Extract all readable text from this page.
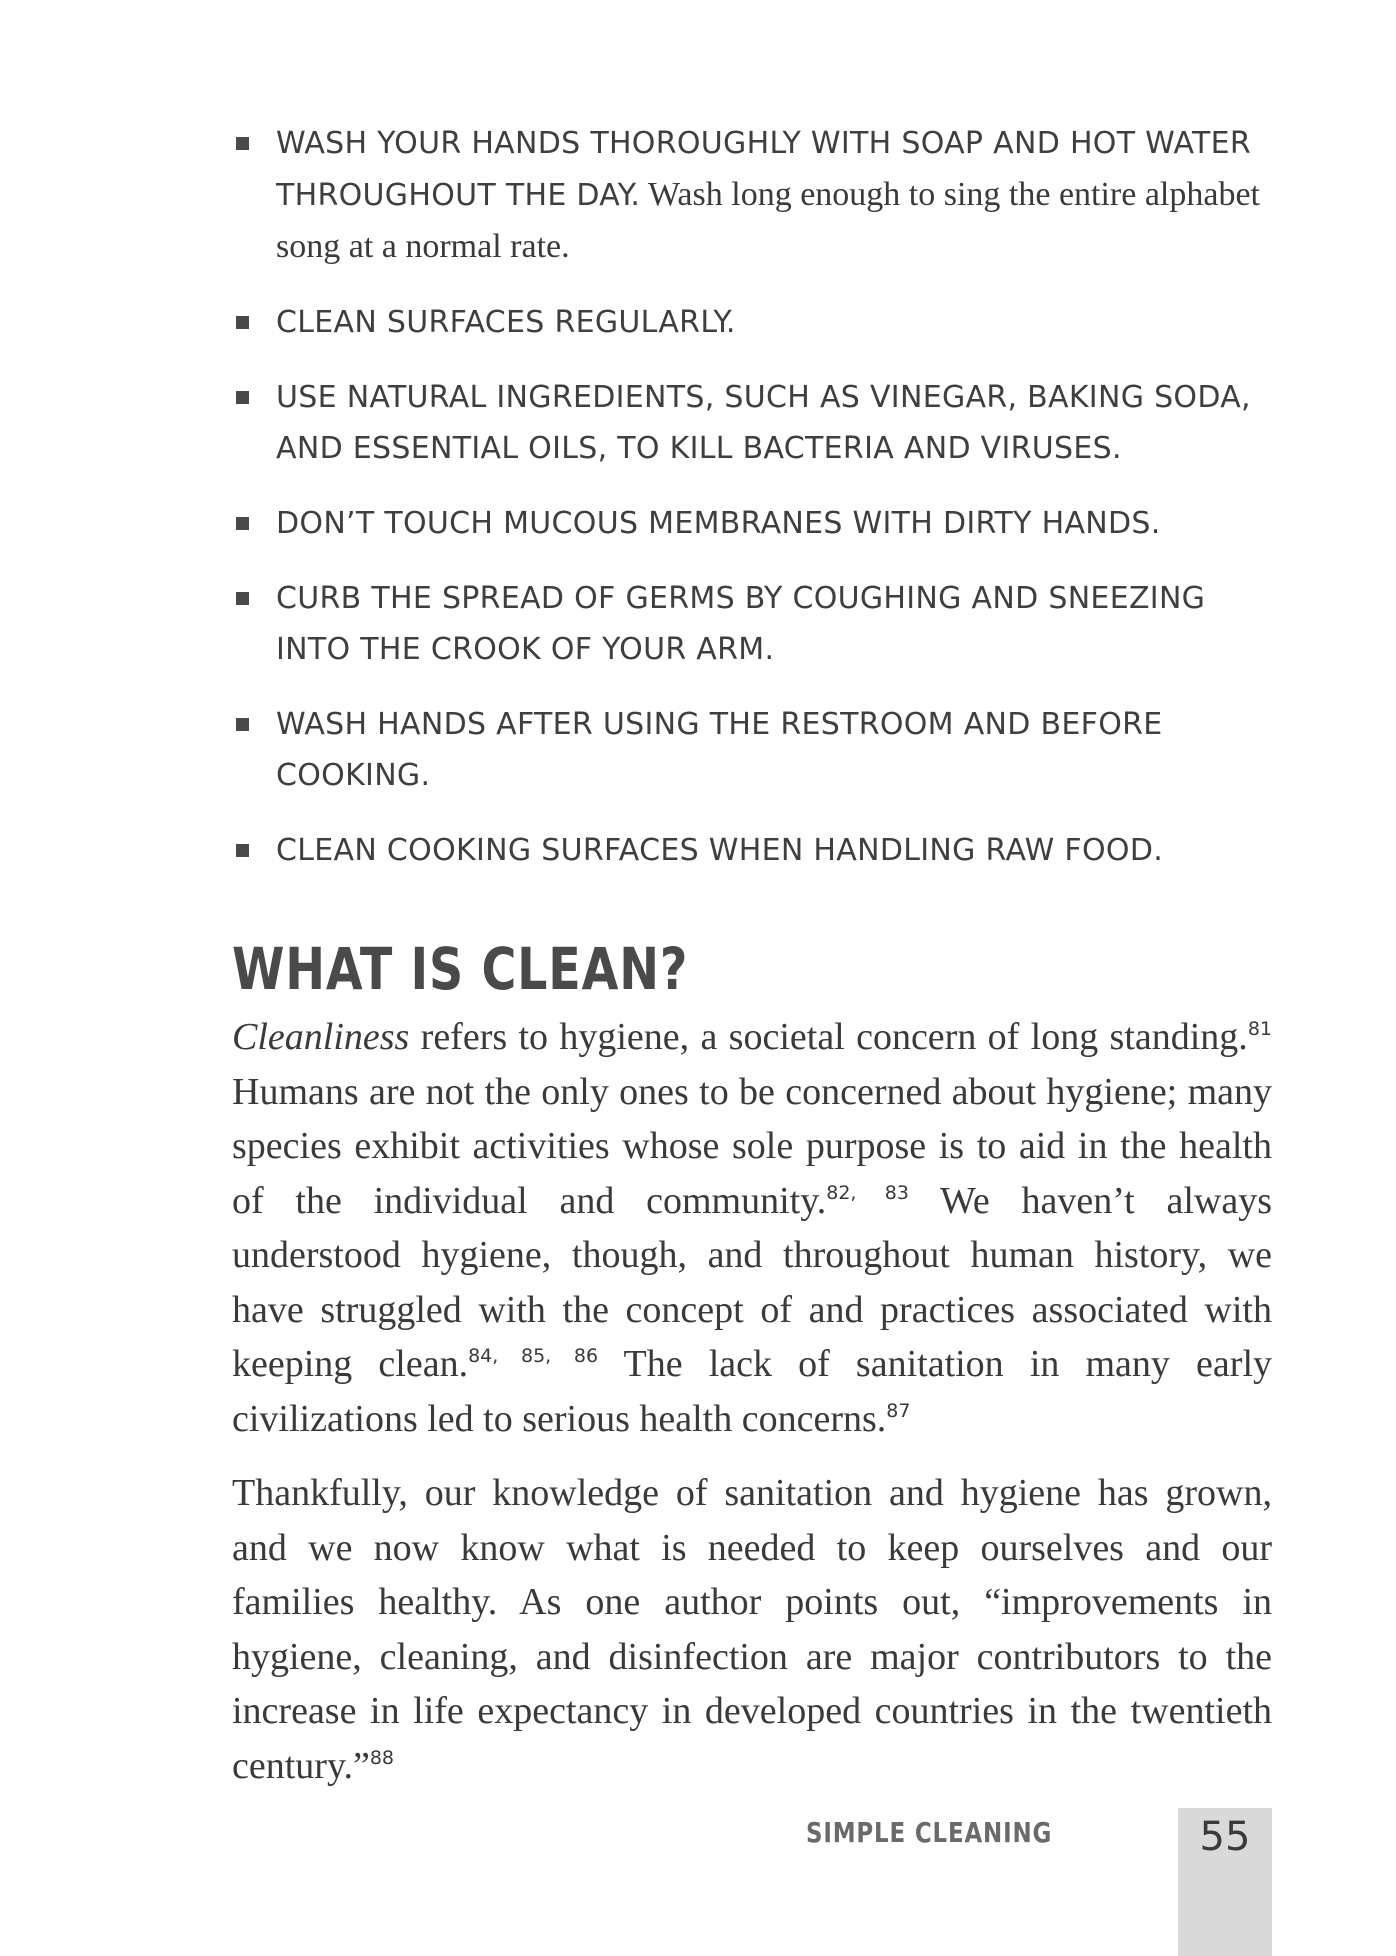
WASH YOUR HANDS THOROUGHLY WITH SOAP AND HOT WATER THROUGHOUT THE DAY. Wash long enough to sing the entire alphabet song at a normal rate.
CLEAN SURFACES REGULARLY.
USE NATURAL INGREDIENTS, SUCH AS VINEGAR, BAKING SODA, AND ESSENTIAL OILS, TO KILL BACTERIA AND VIRUSES.
DON’T TOUCH MUCOUS MEMBRANES WITH DIRTY HANDS.
CURB THE SPREAD OF GERMS BY COUGHING AND SNEEZING INTO THE CROOK OF YOUR ARM.
WASH HANDS AFTER USING THE RESTROOM AND BEFORE COOKING.
CLEAN COOKING SURFACES WHEN HANDLING RAW FOOD.
WHAT IS CLEAN?

Cleanliness refers to hygiene, a societal concern of long standing.$^{81}$ Humans are not the only ones to be concerned about hygiene; many species exhibit activities whose sole purpose is to aid in the health of the individual and community.$^{82, 83}$ We haven’t always understood hygiene, though, and throughout human history, we have struggled with the concept of and practices associated with keeping clean.$^{84, 85, 86}$ The lack of sanitation in many early civilizations led to serious health concerns.$^{87}$

Thankfully, our knowledge of sanitation and hygiene has grown, and we now know what is needed to keep ourselves and our families healthy. As one author points out, “improvements in hygiene, cleaning, and disinfection are major contributors to the increase in life expectancy in developed countries in the twentieth century.”$^{88}$

SIMPLE CLEANING	55
